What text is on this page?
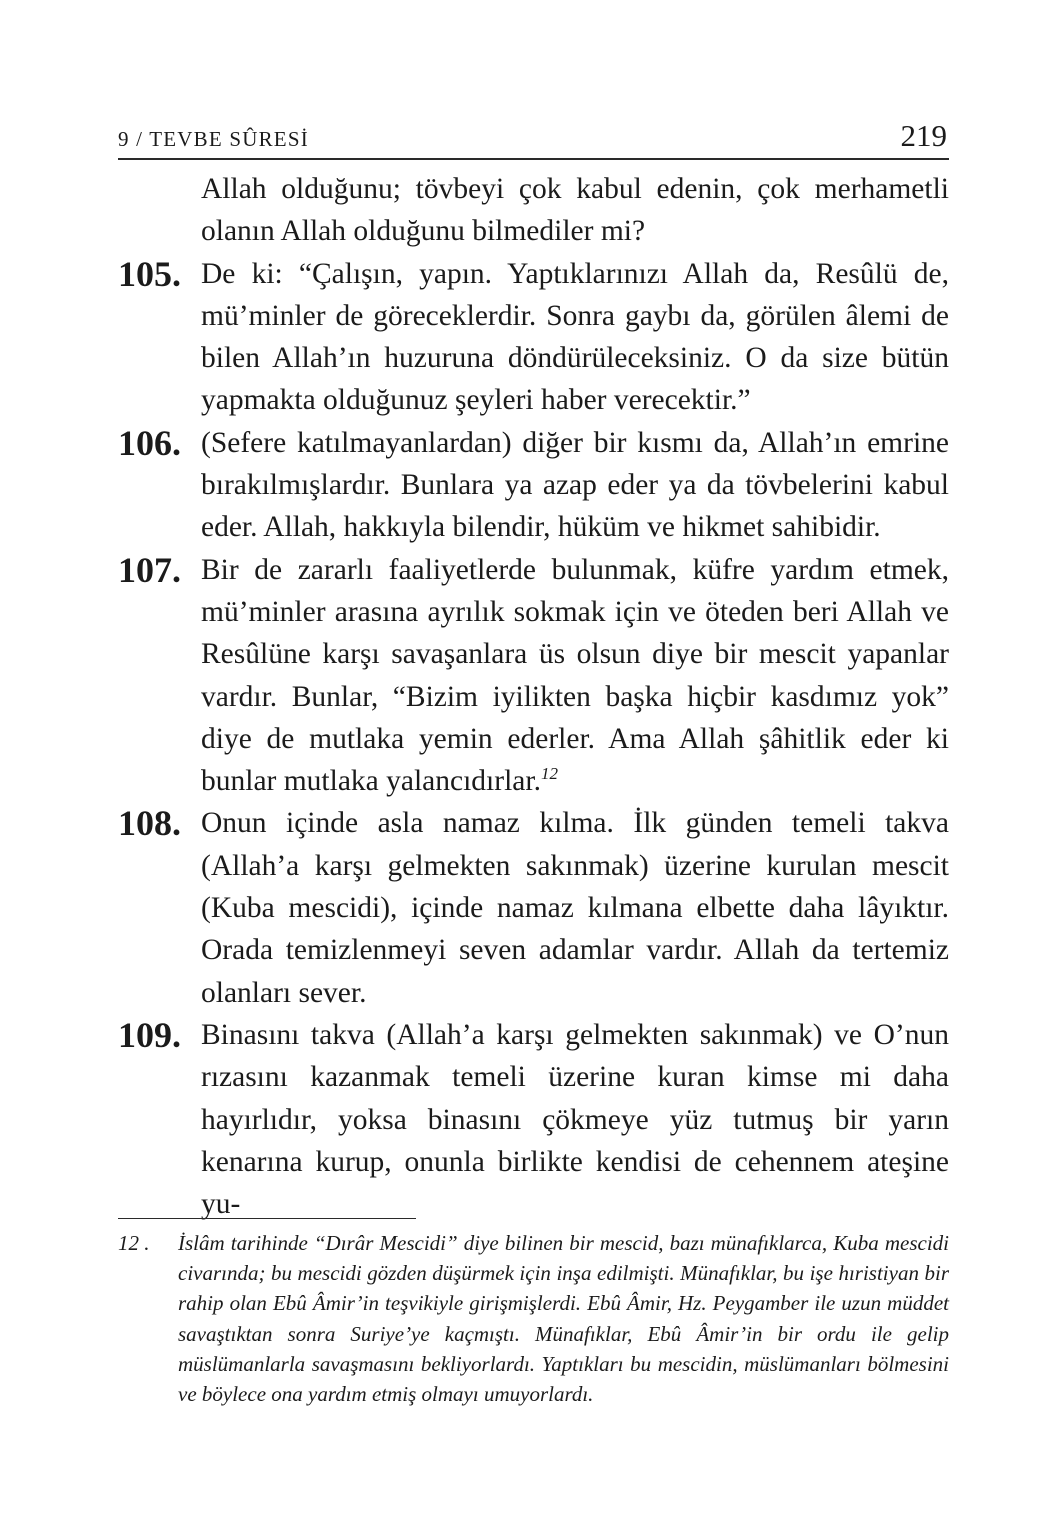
9 / TEVBE SÛRESİ	219

Allah olduğunu; tövbeyi çok kabul edenin, çok merhametli olanın Allah olduğunu bilmediler mi?

105. De ki: “Çalışın, yapın. Yaptıklarınızı Allah da, Resûlü de, mü’minler de göreceklerdir. Sonra gaybı da, görülen âlemi de bilen Allah’ın huzuruna döndürüleceksiniz. O da size bütün yapmakta olduğunuz şeyleri haber verecektir.”

106. (Sefere katılmayanlardan) diğer bir kısmı da, Allah’ın emrine bırakılmışlardır. Bunlara ya azap eder ya da tövbelerini kabul eder. Allah, hakkıyla bilendir, hüküm ve hikmet sahibidir.

107. Bir de zararlı faaliyetlerde bulunmak, küfre yardım etmek, mü’minler arasına ayrılık sokmak için ve öteden beri Allah ve Resûlüne karşı savaşanlara üs olsun diye bir mescit yapanlar vardır. Bunlar, “Bizim iyilikten başka hiçbir kasdımız yok” diye de mutlaka yemin ederler. Ama Allah şâhitlik eder ki bunlar mutlaka yalancıdırlar.$^{12}$

108. Onun içinde asla namaz kılma. İlk günden temeli takva (Allah’a karşı gelmekten sakınmak) üzerine kurulan mescit (Kuba mescidi), içinde namaz kılmana elbette daha lâyıktır. Orada temizlenmeyi seven adamlar vardır. Allah da tertemiz olanları sever.

109. Binasını takva (Allah’a karşı gelmekten sakınmak) ve O’nun rızasını kazanmak temeli üzerine kuran kimse mi daha hayırlıdır, yoksa binasını çökmeye yüz tutmuş bir yarın kenarına kurup, onunla birlikte kendisi de cehennem ateşine yu-

12 .	İslâm tarihinde “Dırâr Mescidi” diye bilinen bir mescid, bazı münafıklarca, Kuba mescidi civarında; bu mescidi gözden düşürmek için inşa edilmişti. Münafıklar, bu işe hıristiyan bir rahip olan Ebû Âmir’in teşvikiyle girişmişlerdi. Ebû Âmir, Hz. Peygamber ile uzun müddet savaştıktan sonra Suriye’ye kaçmıştı. Münafıklar, Ebû Âmir’in bir ordu ile gelip müslümanlarla savaşmasını bekliyorlardı. Yaptıkları bu mescidin, müslümanları bölmesini ve böylece ona yardım etmiş olmayı umuyorlardı.
